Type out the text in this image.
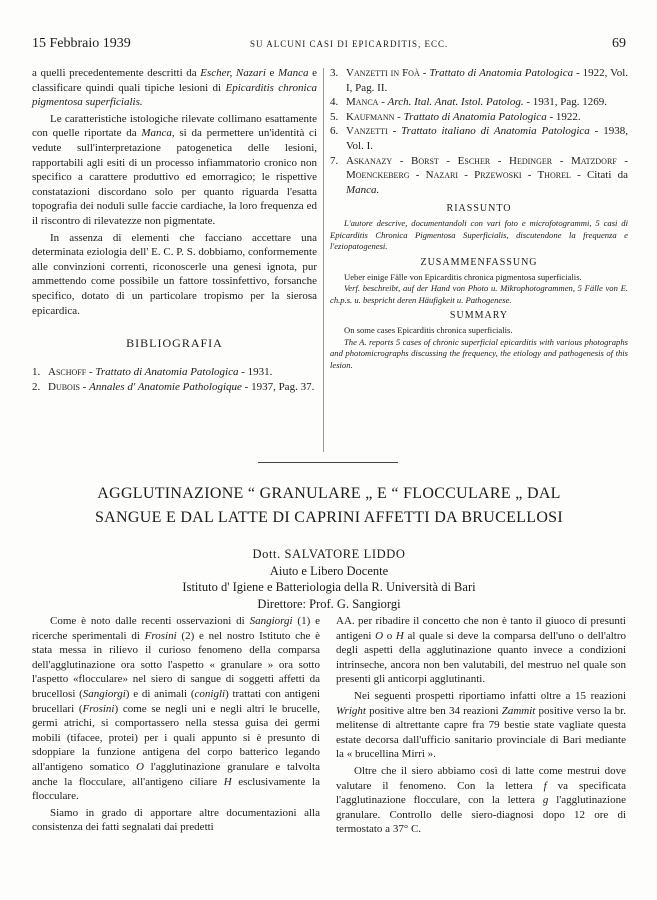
15 Febbraio 1939	SU ALCUNI CASI DI EPICARDITIS, ECC.	69

a quelli precedentemente descritti da Escher, Nazari e Manca e classificare quindi quali tipiche lesioni di Epicarditis chronica pigmentosa superficialis.

Le caratteristiche istologiche rilevate collimano esattamente con quelle riportate da Manca, si da permettere un'identità ci vedute sull'interpretazione patogenetica delle lesioni, rapportabili agli esiti di un processo infiammatorio cronico non specifico a carattere produttivo ed emorragico; le rispettive constatazioni discordano solo per quanto riguarda l'esatta topografia dei noduli sulle faccie cardiache, la loro frequenza ed il riscontro di rilevatezze non pigmentate.

In assenza di elementi che facciano accettare una determinata eziologia dell' E. C. P. S. dobbiamo, conformemente alle convinzioni correnti, riconoscerle una genesi ignota, pur ammettendo come possibile un fattore tossinfettivo, forsanche specifico, dotato di un particolare tropismo per la sierosa epicardica.

BIBLIOGRAFIA
1. Aschoff - Trattato di Anatomia Patologica - 1931.
2. Dubois - Annales d' Anatomie Pathologique - 1937, Pag. 37.
3. Vanzetti in Foà - Trattato di Anatomia Patologica - 1922, Vol. I, Pag. II.
4. Manca - Arch. Ital. Anat. Istol. Patolog. - 1931, Pag. 1269.
5. Kaufmann - Trattato di Anatomia Patologica - 1922.
6. Vanzetti - Trattato italiano di Anatomia Patologica - 1938, Vol. I.
7. Askanazy - Borst - Escher - Hedinger - Matzdorf - Moenckeberg - Nazari - Przewoski - Thorel - Citati da Manca.
RIASSUNTO

L'autore descrive, documentandoli con vari foto e microfotogrammi, 5 casi di Epicarditis Chronica Pigmentosa Superficialis, discutendone la frequenza e l'eziopatogenesi.

ZUSAMMENFASSUNG

Ueber einige Fälle von Epicarditis chronica pigmentosa superficialis.

Verf. beschreibt, auf der Hand von Photo u. Mikrophotogrammen, 5 Fälle von E. ch.p.s. u. bespricht deren Häufigkeit u. Pathogenese.

SUMMARY

On some cases Epicarditis chronica superficialis.

The A. reports 5 cases of chronic superficial epicarditis with various photographs and photomicrographs discussing the frequency, the etiology and pathogenesis of this lesion.

AGGLUTINAZIONE “ GRANULARE „ E “ FLOCCULARE „ DAL
SANGUE E DAL LATTE DI CAPRINI AFFETTI DA BRUCELLOSI
Dott. SALVATORE LIDDO
Aiuto e Libero Docente
Istituto d' Igiene e Batteriologia della R. Università di Bari
Direttore: Prof. G. Sangiorgi

Come è noto dalle recenti osservazioni di Sangiorgi (1) e ricerche sperimentali di Frosini (2) e nel nostro Istituto che è stata messa in rilievo il curioso fenomeno della comparsa dell'agglutinazione ora sotto l'aspetto « granulare » ora sotto l'aspetto «flocculare» nel siero di sangue di soggetti affetti da brucellosi (Sangiorgi) e di animali (conigli) trattati con antigeni brucellari (Frosini) come se negli uni e negli altri le brucelle, germi atrichi, si comportassero nella stessa guisa dei germi mobili (tifacee, protei) per i quali appunto si è presunto di sdoppiare la funzione antigena del corpo batterico legando all'antigeno somatico O l'agglutinazione granulare e talvolta anche la flocculare, all'antigeno ciliare H esclusivamente la flocculare.

Siamo in grado di apportare altre documentazioni alla consistenza dei fatti segnalati dai predetti

AA. per ribadire il concetto che non è tanto il giuoco di presunti antigeni O o H al quale si deve la comparsa dell'uno o dell'altro degli aspetti della agglutinazione quanto invece a condizioni intrinseche, ancora non ben valutabili, del mestruo nel quale son presenti gli anticorpi agglutinanti.

Nei seguenti prospetti riportiamo infatti oltre a 15 reazioni Wright positive altre ben 34 reazioni Zammit positive verso la br. melitense di altrettante capre fra 79 bestie state vagliate questa estate decorsa dall'ufficio sanitario provinciale di Bari mediante la « brucellina Mirri ».

Oltre che il siero abbiamo così di latte come mestrui dove valutare il fenomeno. Con la lettera f va specificata l'agglutinazione flocculare, con la lettera g l'agglutinazione granulare. Controllo delle siero-diagnosi dopo 12 ore di termostato a 37° C.
